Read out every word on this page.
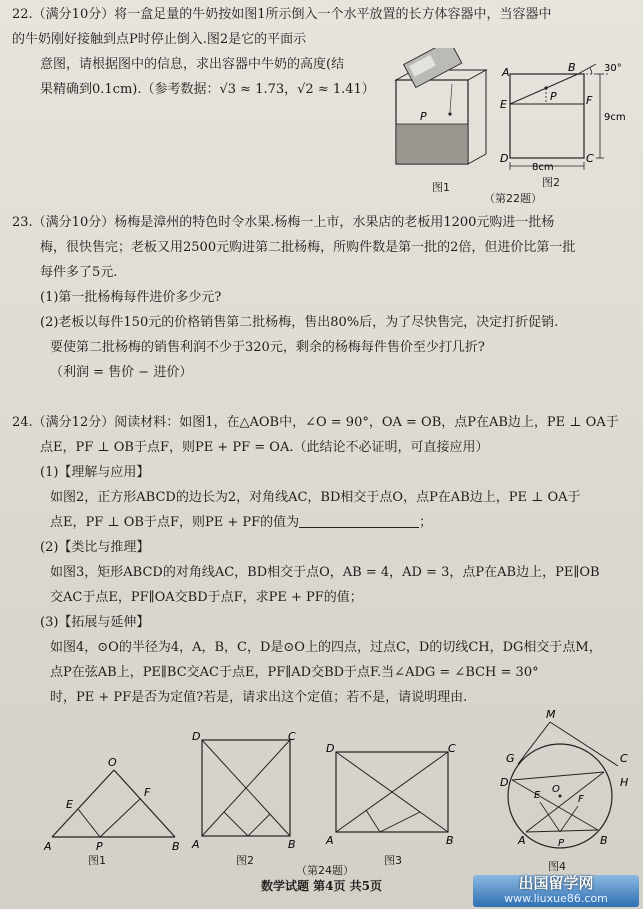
22.（满分10分）将一盒足量的牛奶按如图1所示倒入一个水平放置的长方体容器中，当容器中
的牛奶刚好接触到点P时停止倒入.图2是它的平面示
意图，请根据图中的信息，求出容器中牛奶的高度(结
果精确到0.1cm).（参考数据：√3 ≈ 1.73，√2 ≈ 1.41）
P
A	B	30°
E	F
P
9cm
D	C
8cm
图1	图2
（第22题）
23.（满分10分）杨梅是漳州的特色时令水果.杨梅一上市，水果店的老板用1200元购进一批杨
梅，很快售完；老板又用2500元购进第二批杨梅，所购件数是第一批的2倍，但进价比第一批
每件多了5元.
(1)第一批杨梅每件进价多少元?
(2)老板以每件150元的价格销售第二批杨梅，售出80%后，为了尽快售完，决定打折促销.
要使第二批杨梅的销售利润不少于320元，剩余的杨梅每件售价至少打几折?
（利润 = 售价 − 进价）
24.（满分12分）阅读材料：如图1，在△AOB中，∠O = 90°，OA = OB，点P在AB边上，PE ⊥ OA于
点E，PF ⊥ OB于点F，则PE + PF = OA.（此结论不必证明，可直接应用）
(1)【理解与应用】
如图2，正方形ABCD的边长为2，对角线AC，BD相交于点O，点P在AB边上，PE ⊥ OA于
点E，PF ⊥ OB于点F，则PE + PF的值为	；
(2)【类比与推理】
如图3，矩形ABCD的对角线AC，BD相交于点O，AB = 4，AD = 3，点P在AB边上，PE∥OB
交AC于点E，PF∥OA交BD于点F，求PE + PF的值；
(3)【拓展与延伸】
如图4，⊙O的半径为4，A，B，C，D是⊙O上的四点，过点C，D的切线CH，DG相交于点M，
点P在弦AB上，PE∥BC交AC于点E，PF∥AD交BD于点F.当∠ADG = ∠BCH = 30°
时，PE + PF是否为定值?若是，请求出这个定值；若不是，请说明理由.
O
E
F
A	P	B
D	C
A	B
D	C
A	B
M
C
G
D
E	F
H
O
A	P	B
图1	图2	图3	图4
（第24题）
数学试题 第4页 共5页	出国留学网
www.liuxue86.com
